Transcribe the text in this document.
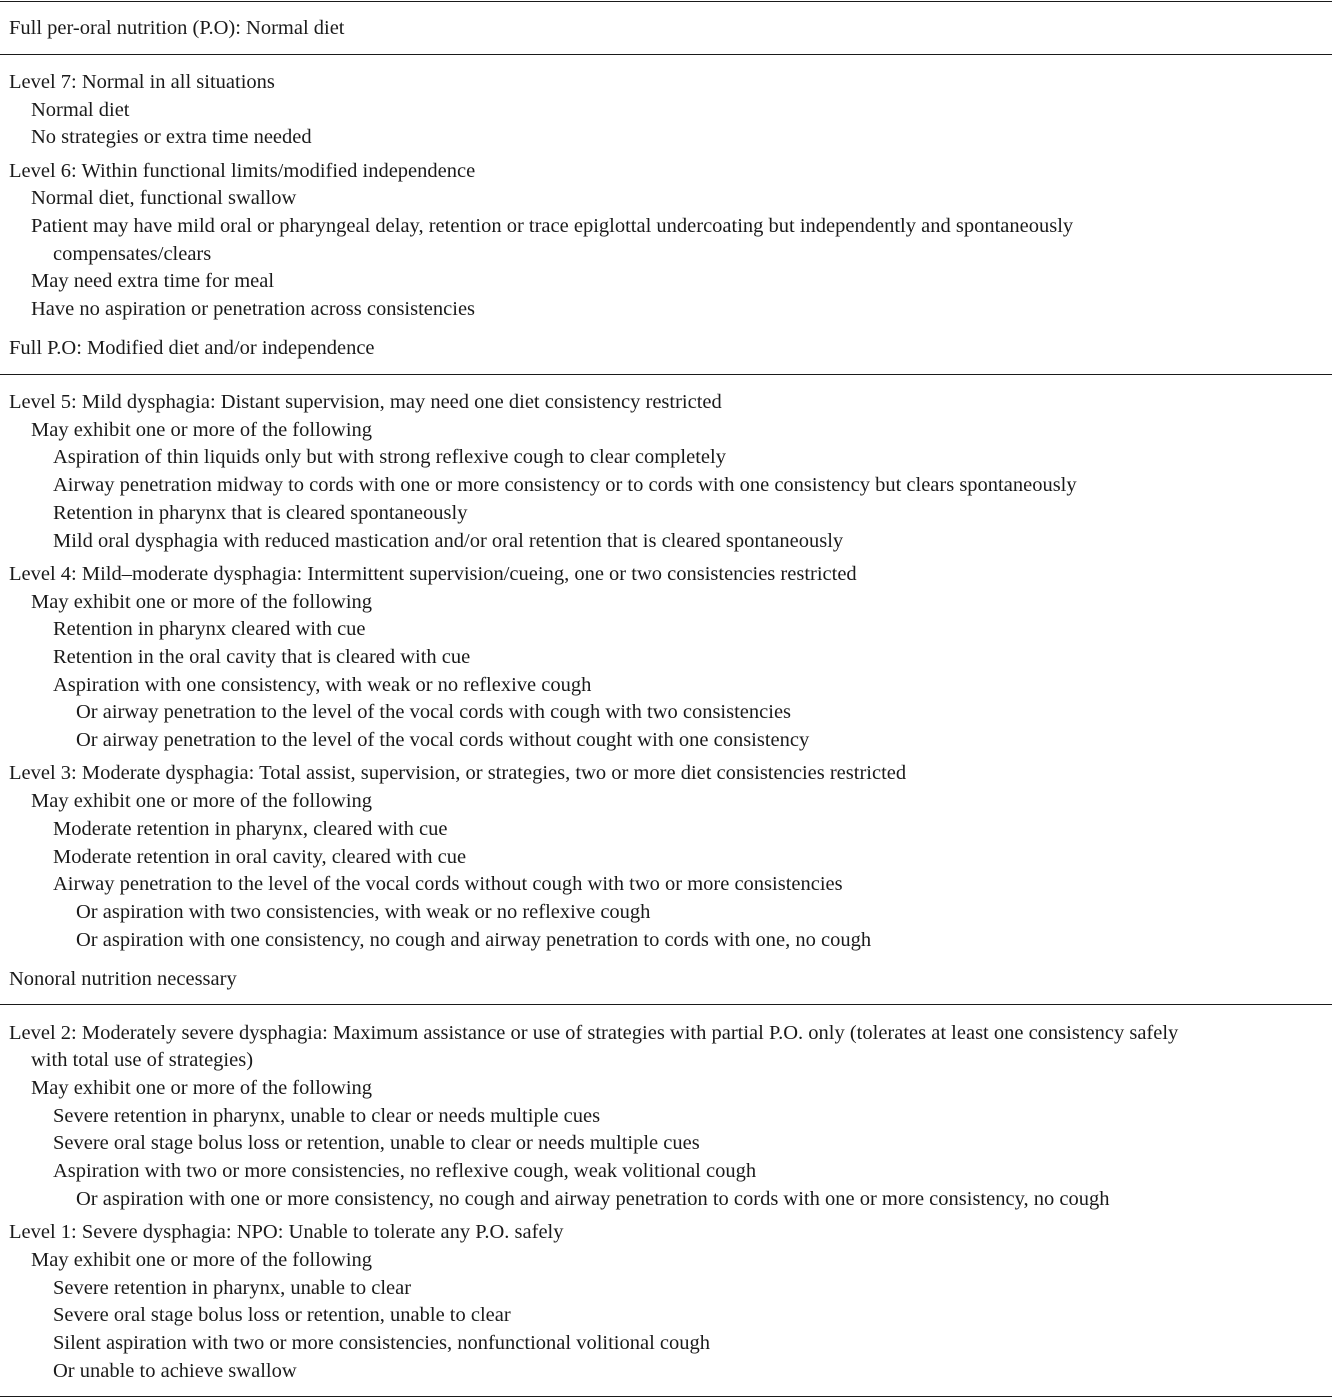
Full per-oral nutrition (P.O): Normal diet
Level 7: Normal in all situations
Normal diet
No strategies or extra time needed
Level 6: Within functional limits/modified independence
Normal diet, functional swallow
Patient may have mild oral or pharyngeal delay, retention or trace epiglottal undercoating but independently and spontaneously
compensates/clears
May need extra time for meal
Have no aspiration or penetration across consistencies
Full P.O: Modified diet and/or independence
Level 5: Mild dysphagia: Distant supervision, may need one diet consistency restricted
May exhibit one or more of the following
Aspiration of thin liquids only but with strong reflexive cough to clear completely
Airway penetration midway to cords with one or more consistency or to cords with one consistency but clears spontaneously
Retention in pharynx that is cleared spontaneously
Mild oral dysphagia with reduced mastication and/or oral retention that is cleared spontaneously
Level 4: Mild–moderate dysphagia: Intermittent supervision/cueing, one or two consistencies restricted
May exhibit one or more of the following
Retention in pharynx cleared with cue
Retention in the oral cavity that is cleared with cue
Aspiration with one consistency, with weak or no reflexive cough
Or airway penetration to the level of the vocal cords with cough with two consistencies
Or airway penetration to the level of the vocal cords without cought with one consistency
Level 3: Moderate dysphagia: Total assist, supervision, or strategies, two or more diet consistencies restricted
May exhibit one or more of the following
Moderate retention in pharynx, cleared with cue
Moderate retention in oral cavity, cleared with cue
Airway penetration to the level of the vocal cords without cough with two or more consistencies
Or aspiration with two consistencies, with weak or no reflexive cough
Or aspiration with one consistency, no cough and airway penetration to cords with one, no cough
Nonoral nutrition necessary
Level 2: Moderately severe dysphagia: Maximum assistance or use of strategies with partial P.O. only (tolerates at least one consistency safely
with total use of strategies)
May exhibit one or more of the following
Severe retention in pharynx, unable to clear or needs multiple cues
Severe oral stage bolus loss or retention, unable to clear or needs multiple cues
Aspiration with two or more consistencies, no reflexive cough, weak volitional cough
Or aspiration with one or more consistency, no cough and airway penetration to cords with one or more consistency, no cough
Level 1: Severe dysphagia: NPO: Unable to tolerate any P.O. safely
May exhibit one or more of the following
Severe retention in pharynx, unable to clear
Severe oral stage bolus loss or retention, unable to clear
Silent aspiration with two or more consistencies, nonfunctional volitional cough
Or unable to achieve swallow
